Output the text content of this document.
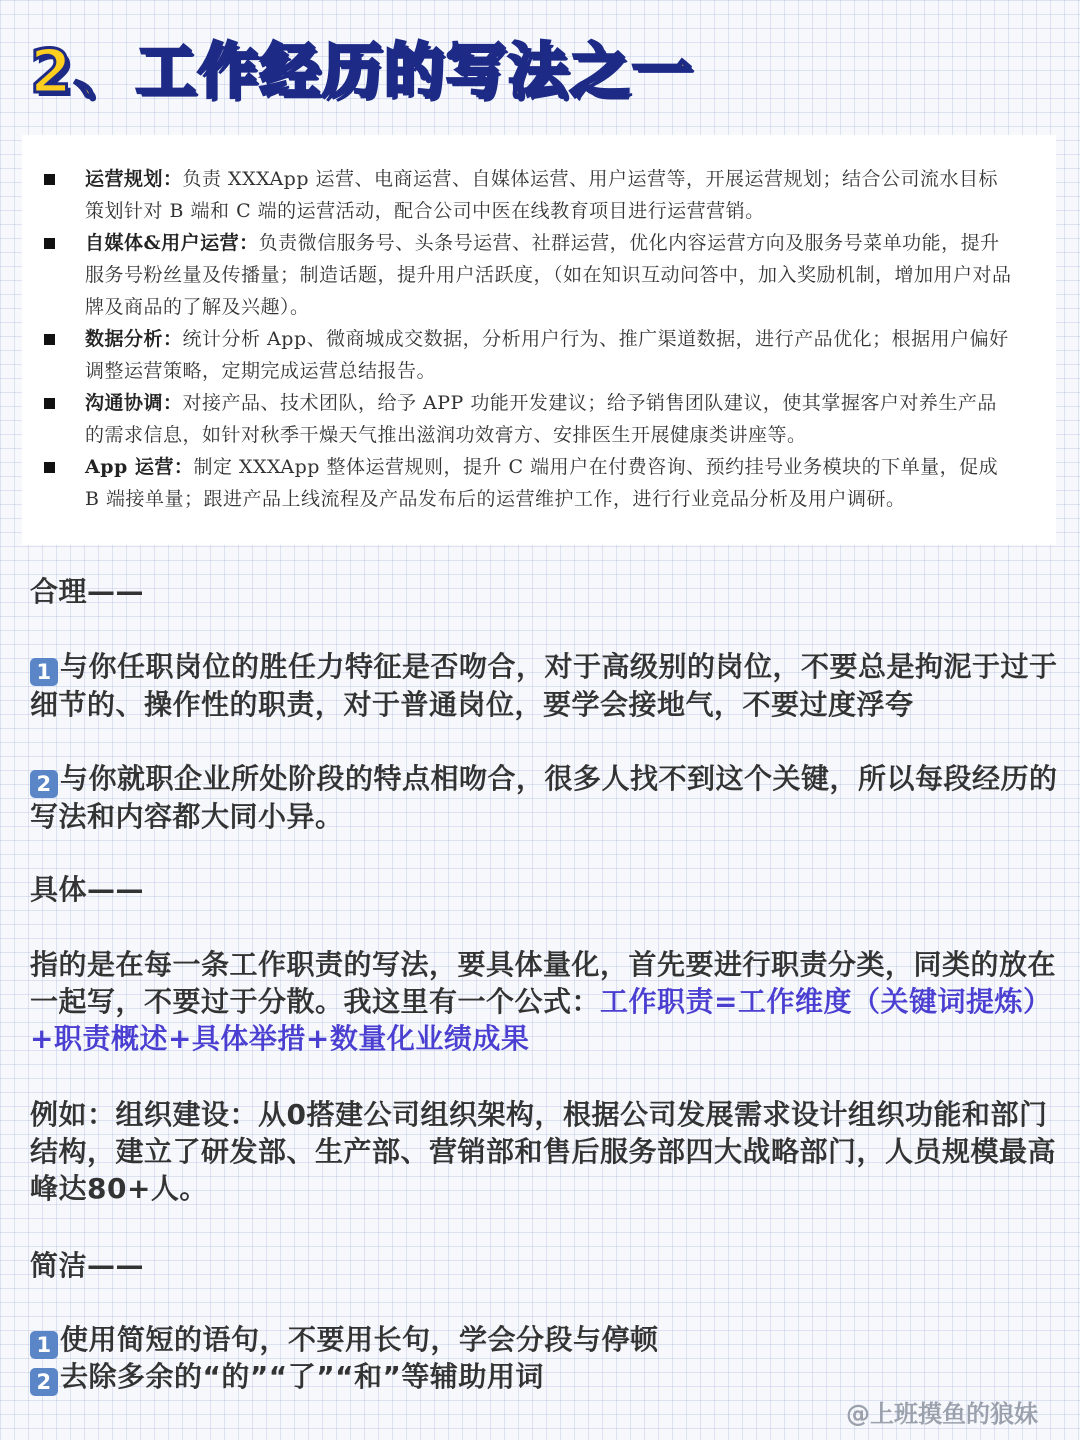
2、工作经历的写法之一
运营规划：负责 XXXApp 运营、电商运营、自媒体运营、用户运营等，开展运营规划；结合公司流水目标策划针对 B 端和 C 端的运营活动，配合公司中医在线教育项目进行运营营销。
自媒体&用户运营：负责微信服务号、头条号运营、社群运营，优化内容运营方向及服务号菜单功能，提升服务号粉丝量及传播量；制造话题，提升用户活跃度，（如在知识互动问答中，加入奖励机制，增加用户对品牌及商品的了解及兴趣）。
数据分析：统计分析 App、微商城成交数据，分析用户行为、推广渠道数据，进行产品优化；根据用户偏好调整运营策略，定期完成运营总结报告。
沟通协调：对接产品、技术团队，给予 APP 功能开发建议；给予销售团队建议，使其掌握客户对养生产品的需求信息，如针对秋季干燥天气推出滋润功效膏方、安排医生开展健康类讲座等。
App 运营：制定 XXXApp 整体运营规则，提升 C 端用户在付费咨询、预约挂号业务模块的下单量，促成 B 端接单量；跟进产品上线流程及产品发布后的运营维护工作，进行行业竞品分析及用户调研。

合理——

1 与你任职岗位的胜任力特征是否吻合，对于高级别的岗位，不要总是拘泥于过于细节的、操作性的职责，对于普通岗位，要学会接地气，不要过度浮夸

2 与你就职企业所处阶段的特点相吻合，很多人找不到这个关键，所以每段经历的写法和内容都大同小异。

具体——

指的是在每一条工作职责的写法，要具体量化，首先要进行职责分类，同类的放在一起写，不要过于分散。我这里有一个公式：工作职责=工作维度（关键词提炼）+职责概述+具体举措+数量化业绩成果

例如：组织建设：从0搭建公司组织架构，根据公司发展需求设计组织功能和部门结构，建立了研发部、生产部、营销部和售后服务部四大战略部门，人员规模最高峰达80+人。

简洁——

1 使用简短的语句，不要用长句，学会分段与停顿

2 去除多余的“的”“了”“和”等辅助用词

@上班摸鱼的狼妹
